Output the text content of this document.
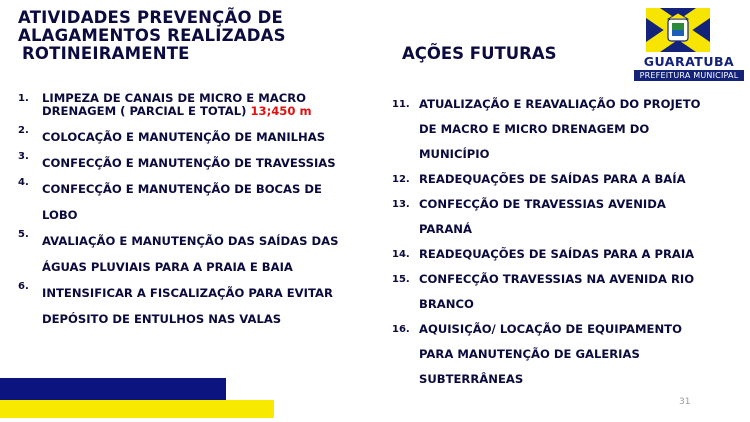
ATIVIDADES PREVENÇÃO DE
ALAGAMENTOS REALIZADAS
ROTINEIRAMENTE	AÇÕES FUTURAS	GUARATUBA
PREFEITURA MUNICIPAL
1. LIMPEZA DE CANAIS DE MICRO E MACRO DRENAGEM ( PARCIAL E TOTAL) 13;450 m
2. COLOCAÇÃO E MANUTENÇÃO DE MANILHAS
3. CONFECÇÃO E MANUTENÇÃO DE TRAVESSIAS
4. CONFECÇÃO E MANUTENÇÃO DE BOCAS DE LOBO
5. AVALIAÇÃO E MANUTENÇÃO DAS SAÍDAS DAS ÁGUAS PLUVIAIS PARA A PRAIA E BAIA
6. INTENSIFICAR A FISCALIZAÇÃO PARA EVITAR DEPÓSITO DE ENTULHOS NAS VALAS
11. ATUALIZAÇÃO E REAVALIAÇÃO DO PROJETO DE MACRO E MICRO DRENAGEM DO MUNICÍPIO
12. READEQUAÇÕES DE SAÍDAS PARA A BAÍA
13. CONFECÇÃO DE TRAVESSIAS AVENIDA PARANÁ
14. READEQUAÇÕES DE SAÍDAS PARA A PRAIA
15. CONFECÇÃO TRAVESSIAS NA AVENIDA RIO BRANCO
16. AQUISIÇÃO/ LOCAÇÃO DE EQUIPAMENTO PARA MANUTENÇÃO DE GALERIAS SUBTERRÂNEAS
31
